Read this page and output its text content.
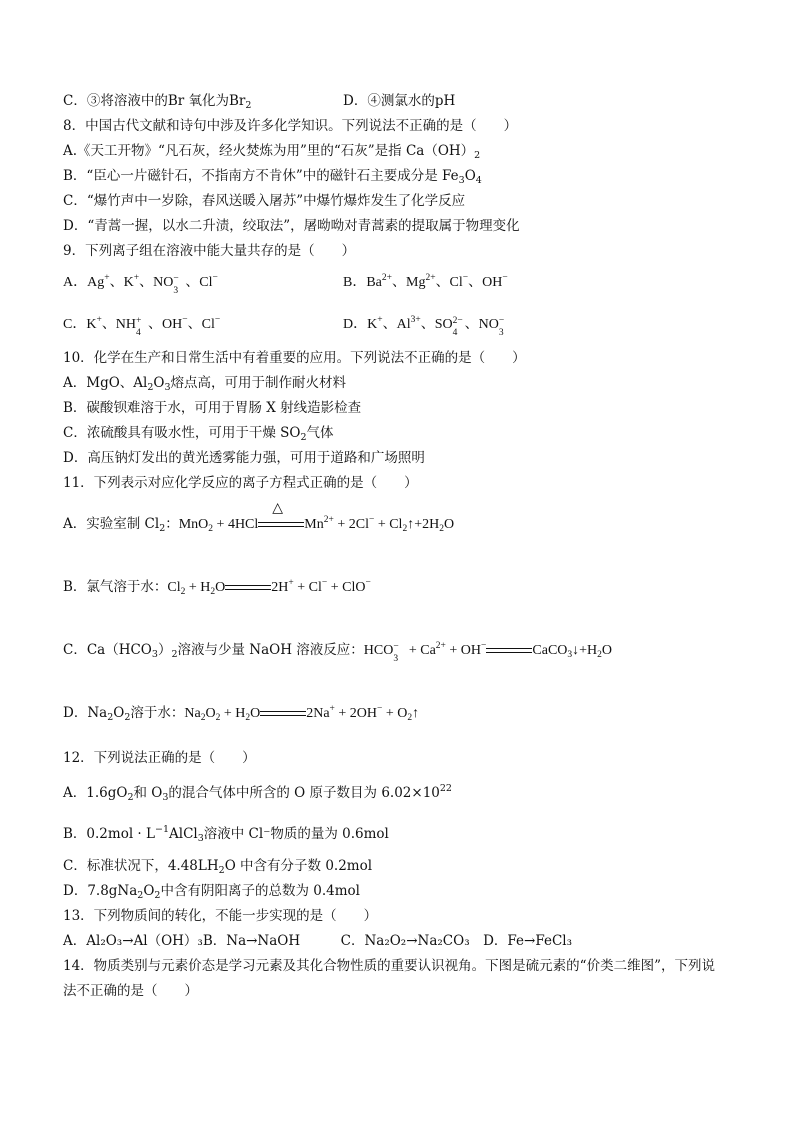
C．③将溶液中的Br 氧化为$Br_2$	D．④测氯水的pH
8．中国古代文献和诗句中涉及许多化学知识。下列说法不正确的是（　　）
A.《天工开物》“凡石灰，经火焚炼为用”里的“石灰”是指 $Ca(OH)_2$
B．“臣心一片磁针石，不指南方不肯休”中的磁针石主要成分是 $Fe_3O_4$
C．“爆竹声中一岁除，春风送暖入屠苏”中爆竹爆炸发生了化学反应
D．“青蒿一握，以水二升渍，绞取法”，屠呦呦对青蒿素的提取属于物理变化
9．下列离子组在溶液中能大量共存的是（　　）
A．Ag+、K+、NO −
3
、Cl−	B．$Ba^{2+}$、$Mg^{2+}$、Cl−、OH−
C．K+、NH +
4
、OH−、Cl−	D．K+、$Al^{3+}$、SO 2−
4
、NO −
3
10．化学在生产和日常生活中有着重要的应用。下列说法不正确的是（　　）
A．MgO、$Al_2O_3$熔点高，可用于制作耐火材料
B．碳酸钡难溶于水，可用于胃肠 X 射线造影检查
C．浓硫酸具有吸水性，可用于干燥 $SO_2$气体
D．高压钠灯发出的黄光透雾能力强，可用于道路和广场照明
11．下列表示对应化学反应的离子方程式正确的是（　　）
A．实验室制 $Cl_2$：MnO$_2$ + 4HCl
△
$Mn^{2+} + 2Cl^-$ + $Cl_2↑+2H_2O$
B．氯气溶于水：$Cl_2 + H_2O$	2H+ + Cl− + ClO−
C．$Ca(HCO_3)_2$溶液与少量 NaOH 溶液反应：HCO −
3
+ $Ca^{2+} + OH^-$	$CaCO_3↓+H_2O$
D．$Na_2O_2$溶于水：$Na_2O_2 + H_2O$	$2Na^+ + 2OH^- + O_2↑$
12．下列说法正确的是（　　）
A．$1.6gO_2$和 $O_3$的混合气体中所含的 O 原子数目为 $6.02\times 10^{22}$
B．$0.2mol \cdot L^{-1}AlCl_3$溶液中 Cl⁻物质的量为 0.6mol
C．标准状况下，$4.48LH_2O$ 中含有分子数 0.2mol
D．$7.8gNa_2O_2$中含有阴阳离子的总数为 0.4mol
13．下列物质间的转化，不能一步实现的是（　　）
A．Al₂O₃→Al（OH）₃B．Na→NaOH　　　C．Na₂O₂→Na₂CO₃　D．Fe→FeCl₃
14．物质类别与元素价态是学习元素及其化合物性质的重要认识视角。下图是硫元素的“价类二维图”，下列说
法不正确的是（　　）
